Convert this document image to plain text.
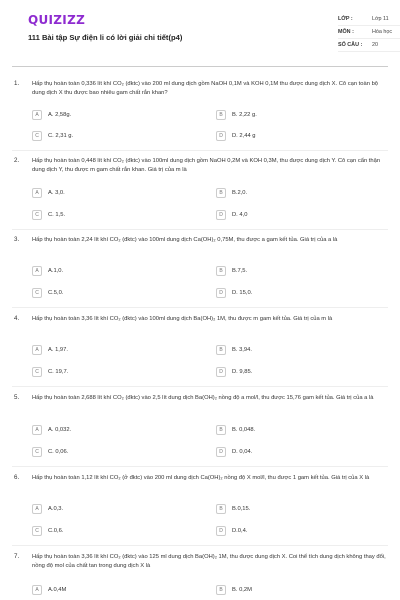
QUIZIZZ
111 Bài tập Sự điện li có lời giải chi tiết(p4)
LỚP :	Lớp 11
MÔN :	Hóa học
SỐ CÂU :	20
1. Hấp thụ hoàn toàn 0,336 lít khí CO₂ (đktc) vào 200 ml dung dịch gồm NaOH 0,1M và KOH 0,1M thu được dung dịch X. Cô cạn toàn bộ dung dịch X thu được bao nhiêu gam chất rắn khan?
A	A. 2,58g.	B	B. 2,22 g.
C	C. 2,31 g.	D	D. 2,44 g
2. Hấp thụ hoàn toàn 0,448 lít khí CO₂ (đktc) vào 100ml dung dịch gồm NaOH 0,2M và KOH 0,3M, thu được dung dịch Y. Cô cạn cẩn thận dung dịch Y, thu được m gam chất rắn khan. Giá trị của m là
A	A. 3,0.	B	B.2,0.
C	C. 1,5.	D	D. 4,0
3. Hấp thụ hoàn toàn 2,24 lít khí CO₂ (đktc) vào 100ml dung dịch Ca(OH)₂ 0,75M, thu được a gam kết tủa. Giá trị của a là
A	A.1,0.	B	B.7,5.
C	C.5,0.	D	D. 15,0.
4. Hấp thụ hoàn toàn 3,36 lít khí CO₂ (đktc) vào 100ml dung dịch Ba(OH)₂ 1M, thu được m gam kết tủa. Giá trị của m là
A	A. 1,97.	B	B. 3,94.
C	C. 19,7.	D	D. 9,85.
5. Hấp thụ hoàn toàn 2,688 lít khí CO₂ (đktc) vào 2,5 lít dung dịch Ba(OH)₂ nồng độ a mol/l, thu được 15,76 gam kết tủa. Giá trị của a là
A	A. 0,032.	B	B. 0,048.
C	C. 0,06.	D	D. 0,04.
6. Hấp thụ hoàn toàn 1,12 lít khí CO₂ (ở đktc) vào 200 ml dung dịch Ca(OH)₂ nồng độ X mol/l, thu được 1 gam kết tủa. Giá trị của X là
A	A.0,3.	B	B.0,15.
C	C.0,6.	D	D.0,4.
7. Hấp thụ hoàn toàn 3,36 lít khí CO₂ (đktc) vào 125 ml dung dịch Ba(OH)₂ 1M, thu được dung dịch X. Coi thể tích dung dịch không thay đổi, nồng độ mol của chất tan trong dung dịch X là
A	A.0,4M	B	B. 0,2M
